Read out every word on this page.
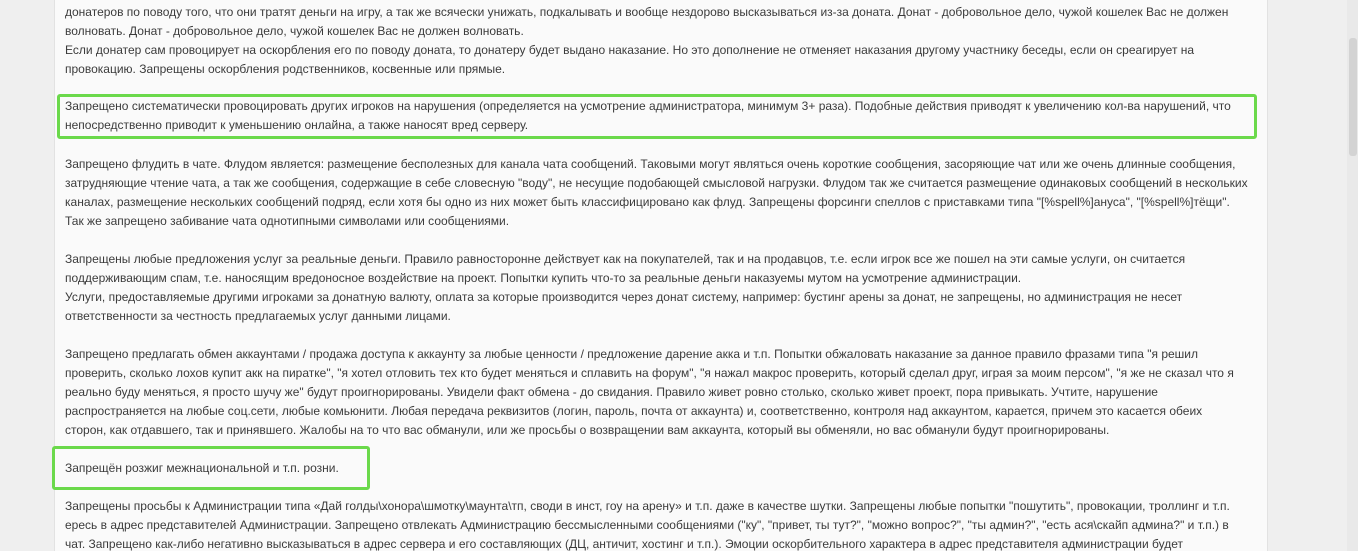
донатеров по поводу того, что они тратят деньги на игру, а так же всячески унижать, подкалывать и вообще нездорово высказываться из-за доната. Донат - добровольное дело, чужой кошелек Вас не должен
волновать. Донат - добровольное дело, чужой кошелек Вас не должен волновать.
Если донатер сам провоцирует на оскорбления его по поводу доната, то донатеру будет выдано наказание. Но это дополнение не отменяет наказания другому участнику беседы, если он среагирует на
провокацию. Запрещены оскорбления родственников, косвенные или прямые.

Запрещено систематически провоцировать других игроков на нарушения (определяется на усмотрение администратора, минимум 3+ раза). Подобные действия приводят к увеличению кол-ва нарушений, что
непосредственно приводит к уменьшению онлайна, а также наносят вред серверу.

Запрещено флудить в чате. Флудом является: размещение бесполезных для канала чата сообщений. Таковыми могут являться очень короткие сообщения, засоряющие чат или же очень длинные сообщения,
затрудняющие чтение чата, а так же сообщения, содержащие в себе словесную "воду", не несущие подобающей смысловой нагрузки. Флудом так же считается размещение одинаковых сообщений в нескольких
каналах, размещение нескольких сообщений подряд, если хотя бы одно из них может быть классифицировано как флуд. Запрещены форсинги спеллов с приставками типа "[%spell%]ануса", "[%spell%]тёщи".
Так же запрещено забивание чата однотипными символами или сообщениями.

Запрещены любые предложения услуг за реальные деньги. Правило равносторонне действует как на покупателей, так и на продавцов, т.е. если игрок все же пошел на эти самые услуги, он считается
поддерживающим спам, т.е. наносящим вредоносное воздействие на проект. Попытки купить что-то за реальные деньги наказуемы мутом на усмотрение администрации.
Услуги, предоставляемые другими игроками за донатную валюту, оплата за которые производится через донат систему, например: бустинг арены за донат, не запрещены, но администрация не несет
ответственности за честность предлагаемых услуг данными лицами.

Запрещено предлагать обмен аккаунтами / продажа доступа к аккаунту за любые ценности / предложение дарение акка и т.п. Попытки обжаловать наказание за данное правило фразами типа "я решил
проверить, сколько лохов купит акк на пиратке", "я хотел отловить тех кто будет меняться и сплавить на форум", "я нажал макрос проверить, который сделал друг, играя за моим персом", "я же не сказал что я
реально буду меняться, я просто шучу же" будут проигнорированы. Увидели факт обмена - до свидания. Правило живет ровно столько, сколько живет проект, пора привыкать. Учтите, нарушение
распространяется на любые соц.сети, любые комьюнити. Любая передача реквизитов (логин, пароль, почта от аккаунта) и, соответственно, контроля над аккаунтом, карается, причем это касается обеих
сторон, как отдавшего, так и принявшего. Жалобы на то что вас обманули, или же просьбы о возвращении вам аккаунта, который вы обменяли, но вас обманули будут проигнорированы.

Запрещён розжиг межнациональной и т.п. розни.

Запрещены просьбы к Администрации типа «Дай голды\хонора\шмотку\маунта\тп, своди в инст, гоу на арену» и т.п. даже в качестве шутки. Запрещены любые попытки "пошутить", провокации, троллинг и т.п.
ересь в адрес представителей Администрации. Запрещено отвлекать Администрацию бессмысленными сообщениями ("ку", "привет, ты тут?", "можно вопрос?", "ты админ?", "есть ася\скайп админа?" и т.п.) в
чат. Запрещено как-либо негативно высказываться в адрес сервера и его составляющих (ДЦ, античит, хостинг и т.п.). Эмоции оскорбительного характера в адрес представителя администрации будет
